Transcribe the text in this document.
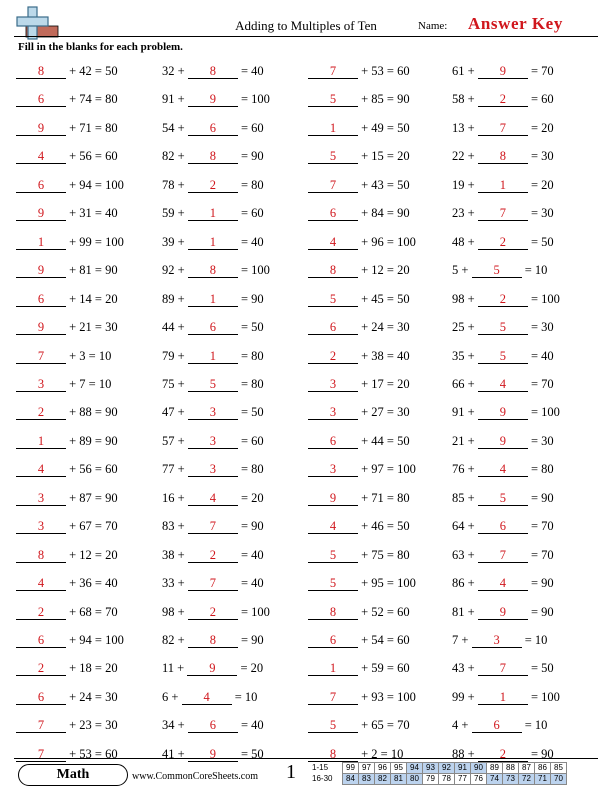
Adding to Multiples of Ten	Name: Answer Key
Fill in the blanks for each problem.
8 + 42 = 50
6 + 74 = 80
9 + 71 = 80
4 + 56 = 60
6 + 94 = 100
9 + 31 = 40
1 + 99 = 100
9 + 81 = 90
6 + 14 = 20
9 + 21 = 30
7 + 3 = 10
3 + 7 = 10
2 + 88 = 90
1 + 89 = 90
4 + 56 = 60
3 + 87 = 90
3 + 67 = 70
8 + 12 = 20
4 + 36 = 40
2 + 68 = 70
6 + 94 = 100
2 + 18 = 20
6 + 24 = 30
7 + 23 = 30
7 + 53 = 60
32 + 8 = 40
91 + 9 = 100
54 + 6 = 60
82 + 8 = 90
78 + 2 = 80
59 + 1 = 60
39 + 1 = 40
92 + 8 = 100
89 + 1 = 90
44 + 6 = 50
79 + 1 = 80
75 + 5 = 80
47 + 3 = 50
57 + 3 = 60
77 + 3 = 80
16 + 4 = 20
83 + 7 = 90
38 + 2 = 40
33 + 7 = 40
98 + 2 = 100
82 + 8 = 90
11 + 9 = 20
6 + 4 = 10
34 + 6 = 40
41 + 9 = 50
7 + 53 = 60
5 + 85 = 90
1 + 49 = 50
5 + 15 = 20
7 + 43 = 50
6 + 84 = 90
4 + 96 = 100
8 + 12 = 20
5 + 45 = 50
6 + 24 = 30
2 + 38 = 40
3 + 17 = 20
3 + 27 = 30
6 + 44 = 50
3 + 97 = 100
9 + 71 = 80
4 + 46 = 50
5 + 75 = 80
5 + 95 = 100
8 + 52 = 60
6 + 54 = 60
1 + 59 = 60
7 + 93 = 100
5 + 65 = 70
8 + 2 = 10
61 + 9 = 70
58 + 2 = 60
13 + 7 = 20
22 + 8 = 30
19 + 1 = 20
23 + 7 = 30
48 + 2 = 50
5 + 5 = 10
98 + 2 = 100
25 + 5 = 30
35 + 5 = 40
66 + 4 = 70
91 + 9 = 100
21 + 9 = 30
76 + 4 = 80
85 + 5 = 90
64 + 6 = 70
63 + 7 = 70
86 + 4 = 90
81 + 9 = 90
7 + 3 = 10
43 + 7 = 50
99 + 1 = 100
4 + 6 = 10
88 + 2 = 90
Math	www.CommonCoreSheets.com 1 1-15	99	97	96	95	94	93	92	91	90	89	88	87	86	85
16-30	84	83	82	81	80	79	78	77	76	74	73	72	71	70
